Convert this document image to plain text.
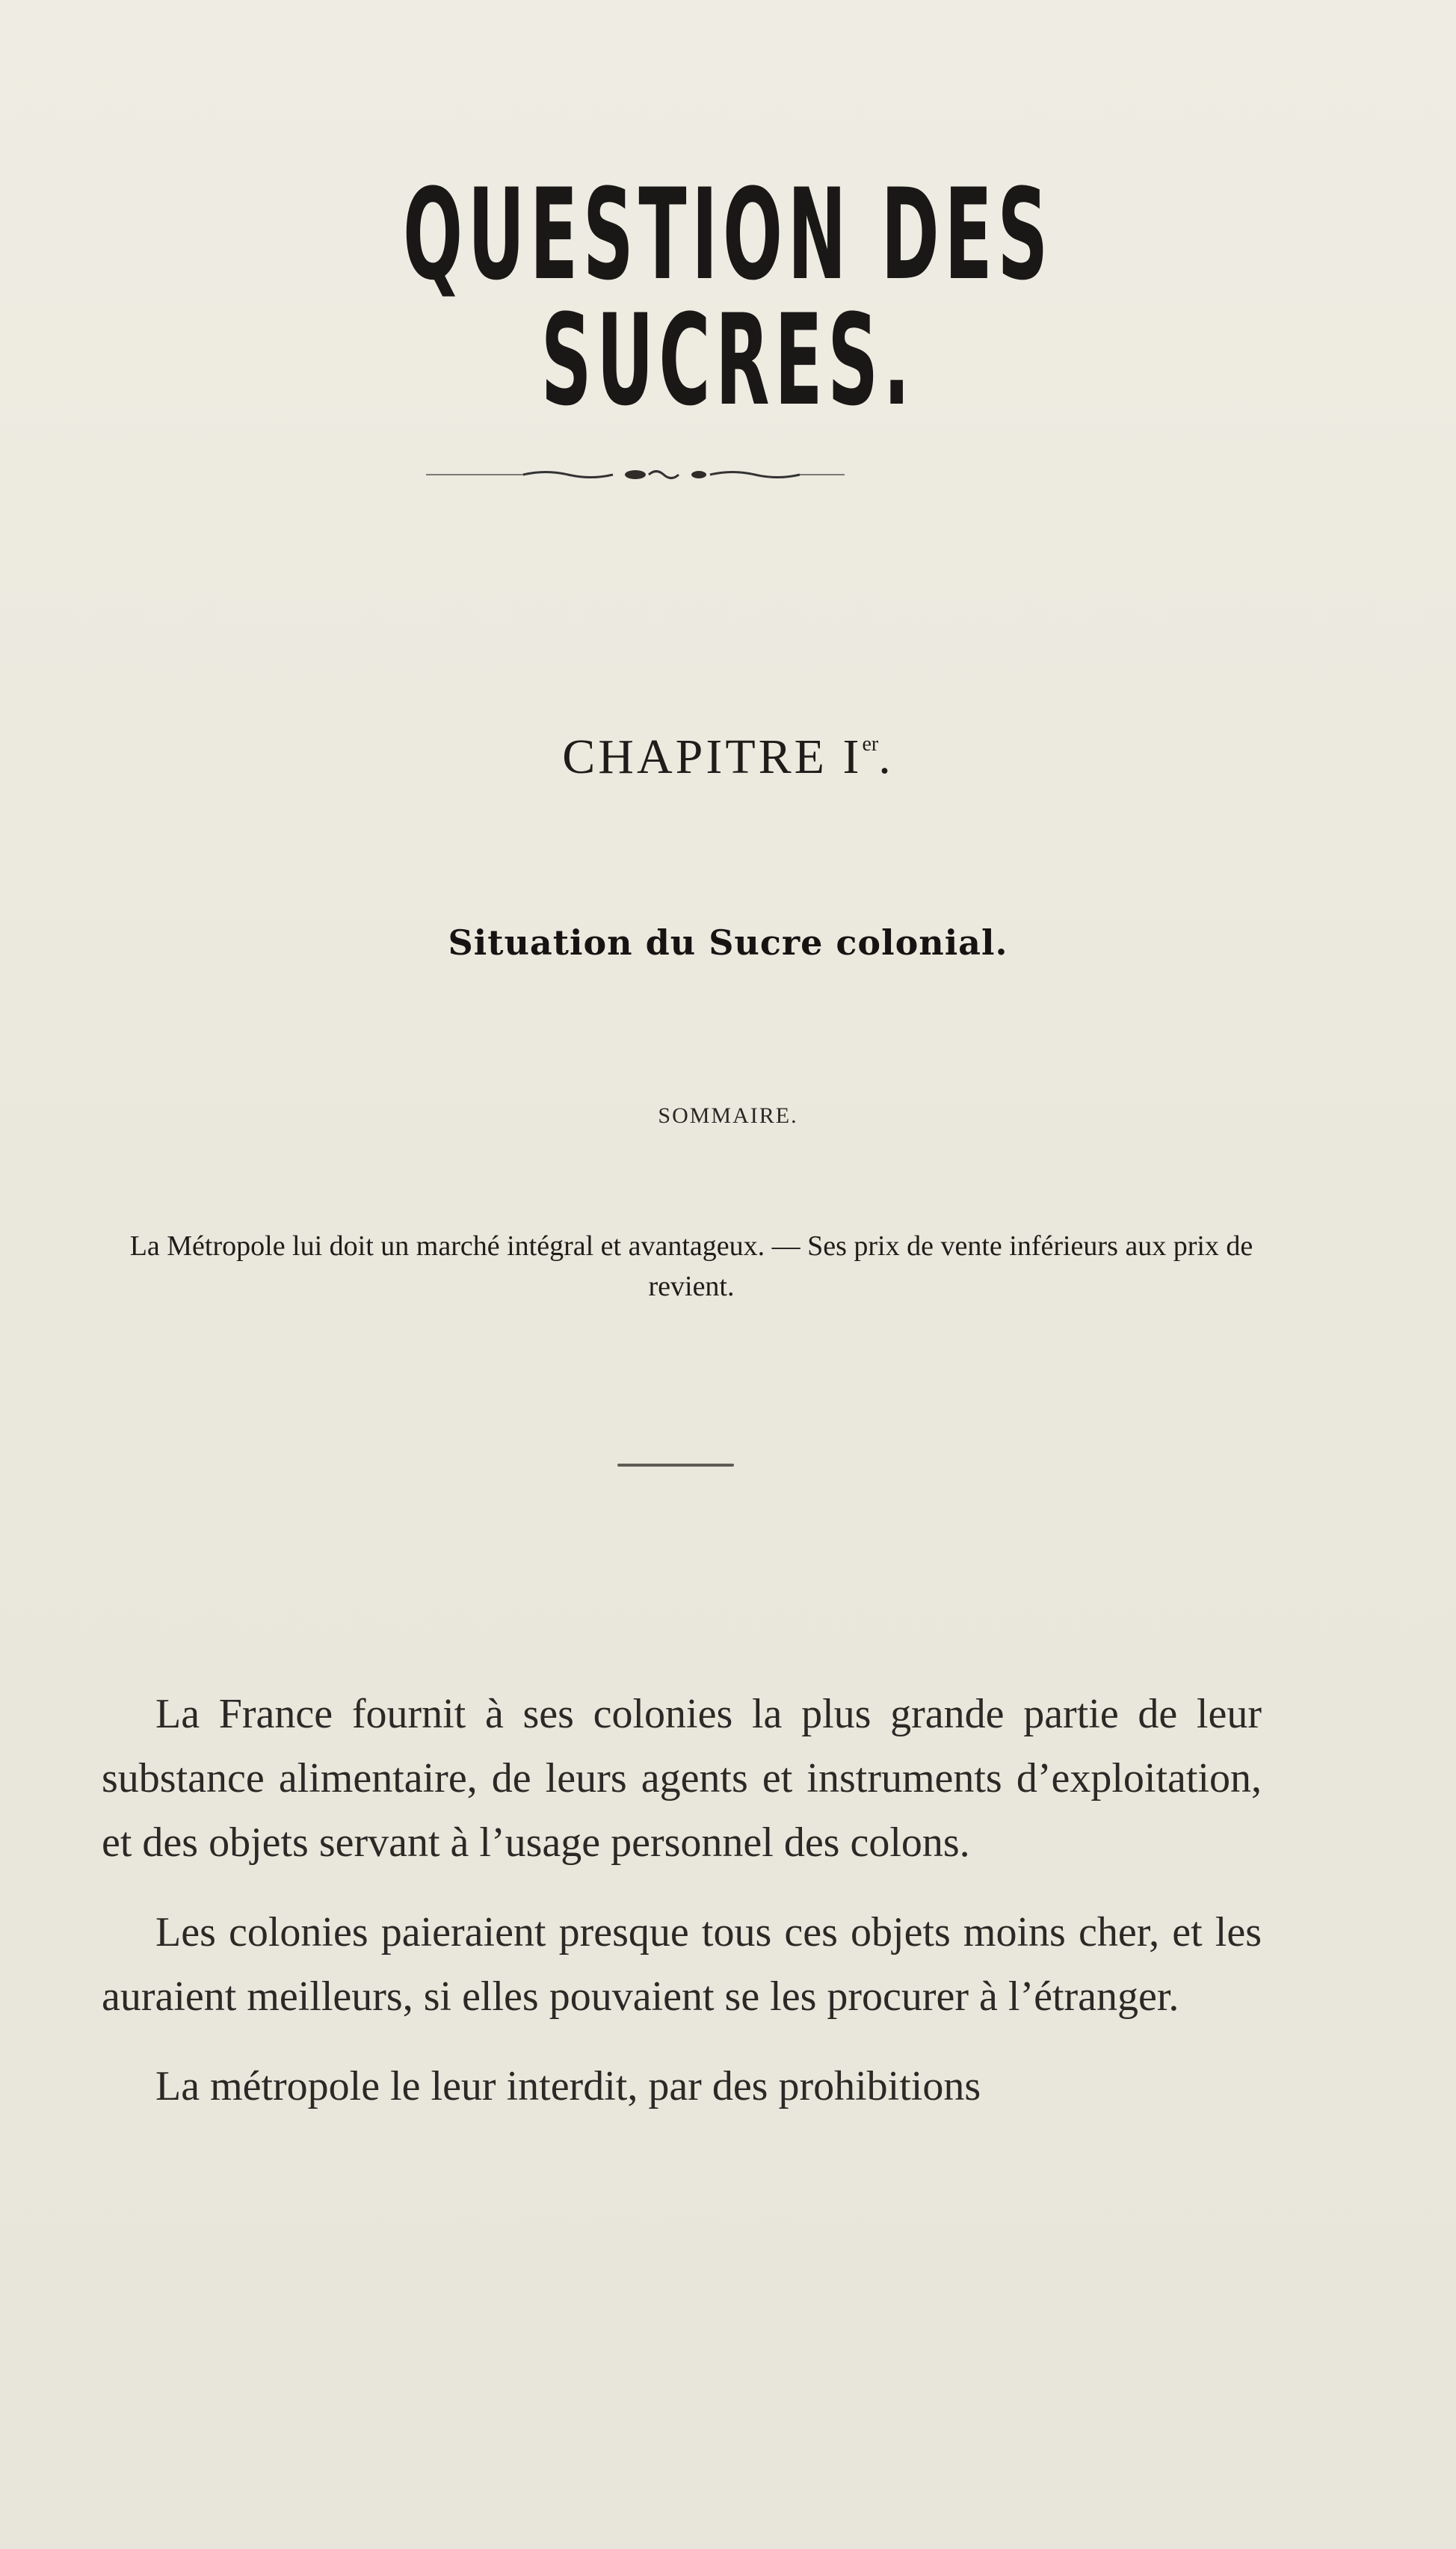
QUESTION DES SUCRES.
CHAPITRE Ier.
Situation du Sucre colonial.
SOMMAIRE.
La Métropole lui doit un marché intégral et avantageux. — Ses prix de vente inférieurs aux prix de revient.

La France fournit à ses colonies la plus grande partie de leur substance alimentaire, de leurs agents et instruments d’exploitation, et des objets servant à l’usage personnel des colons.

Les colonies paieraient presque tous ces objets moins cher, et les auraient meilleurs, si elles pouvaient se les procurer à l’étranger.

La métropole le leur interdit, par des prohibitions
